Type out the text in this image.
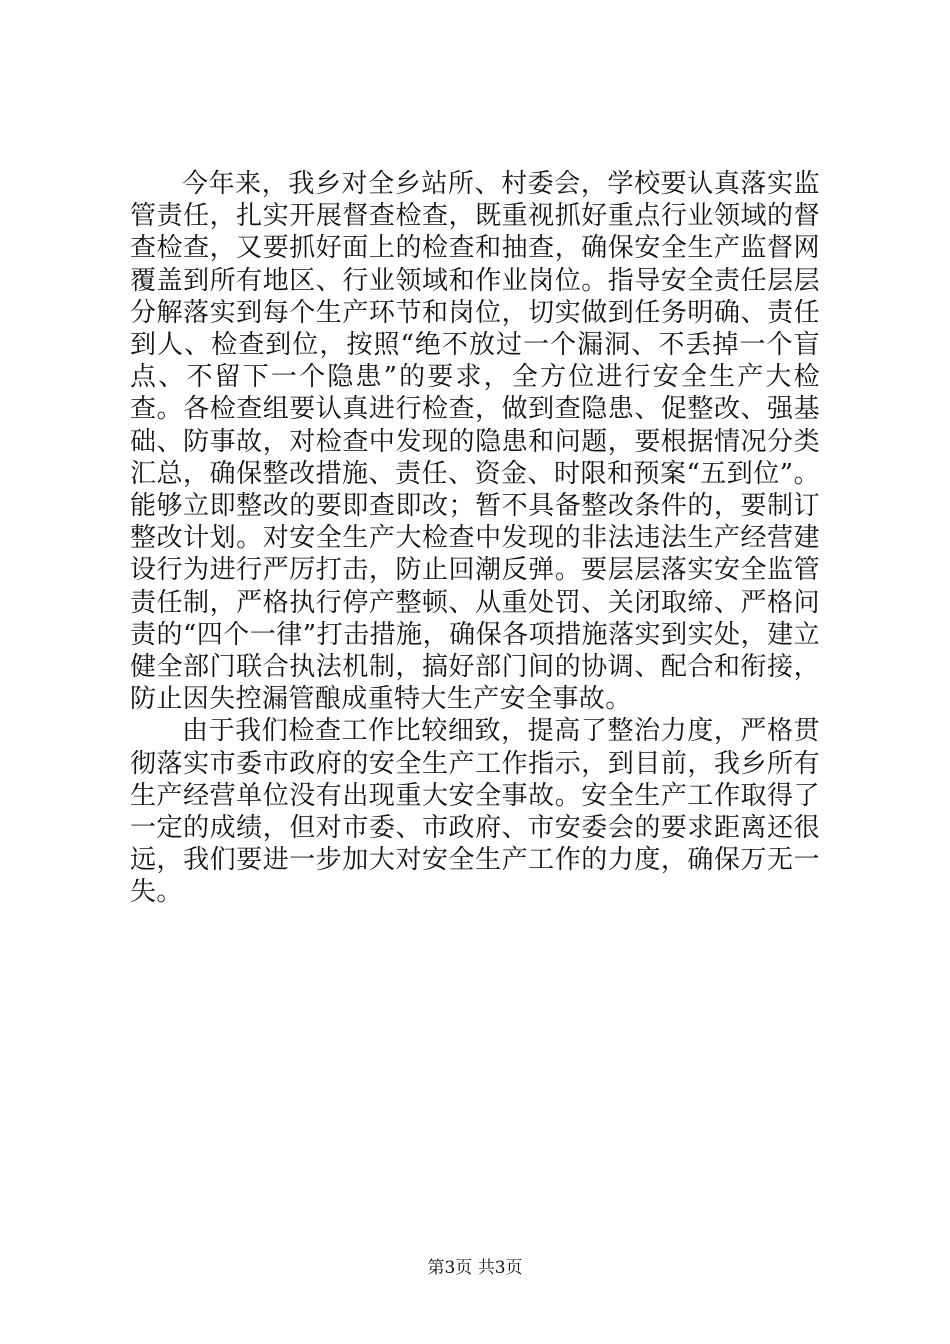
今年来，我乡对全乡站所、村委会，学校要认真落实监管责任，扎实开展督查检查，既重视抓好重点行业领域的督查检查，又要抓好面上的检查和抽查，确保安全生产监督网覆盖到所有地区、行业领域和作业岗位。指导安全责任层层分解落实到每个生产环节和岗位，切实做到任务明确、责任到人、检查到位，按照“绝不放过一个漏洞、不丢掉一个盲点、不留下一个隐患”的要求，全方位进行安全生产大检查。各检查组要认真进行检查，做到查隐患、促整改、强基础、防事故，对检查中发现的隐患和问题，要根据情况分类汇总，确保整改措施、责任、资金、时限和预案“五到位”。能够立即整改的要即查即改；暂不具备整改条件的，要制订整改计划。对安全生产大检查中发现的非法违法生产经营建设行为进行严厉打击，防止回潮反弹。要层层落实安全监管责任制，严格执行停产整顿、从重处罚、关闭取缔、严格问责的“四个一律”打击措施，确保各项措施落实到实处，建立健全部门联合执法机制，搞好部门间的协调、配合和衔接，防止因失控漏管酿成重特大生产安全事故。

由于我们检查工作比较细致，提高了整治力度，严格贯彻落实市委市政府的安全生产工作指示，到目前，我乡所有生产经营单位没有出现重大安全事故。安全生产工作取得了一定的成绩，但对市委、市政府、市安委会的要求距离还很远，我们要进一步加大对安全生产工作的力度，确保万无一失。

第3页 共3页
